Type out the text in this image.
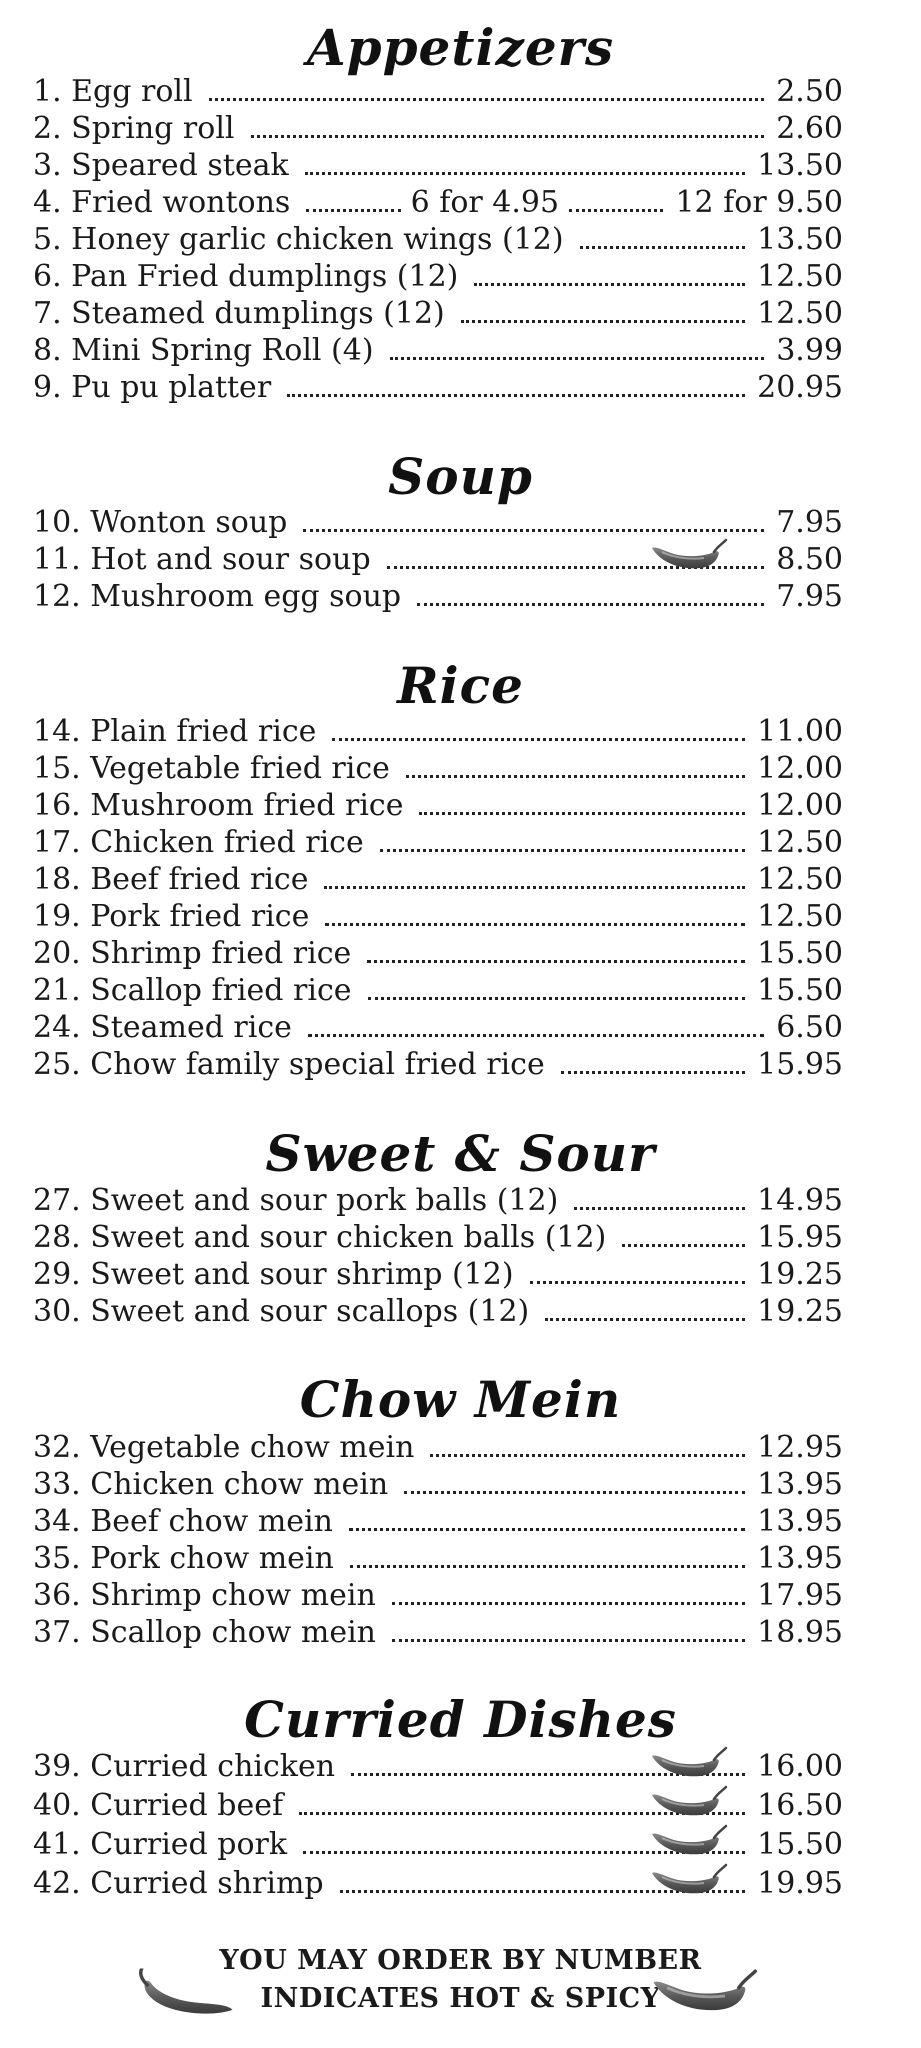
Appetizers
1. Egg roll	2.50
2. Spring roll	2.60
3. Speared steak	13.50
4. Fried wontons	6 for 4.95	12 for 9.50
5. Honey garlic chicken wings (12)	13.50
6. Pan Fried dumplings (12)	12.50
7. Steamed dumplings (12)	12.50
8. Mini Spring Roll (4)	3.99
9. Pu pu platter	20.95
Soup
10. Wonton soup	7.95
11. Hot and sour soup	8.50
12. Mushroom egg soup	7.95
Rice
14. Plain fried rice	11.00
15. Vegetable fried rice	12.00
16. Mushroom fried rice	12.00
17. Chicken fried rice	12.50
18. Beef fried rice	12.50
19. Pork fried rice	12.50
20. Shrimp fried rice	15.50
21. Scallop fried rice	15.50
24. Steamed rice	6.50
25. Chow family special fried rice	15.95
Sweet & Sour
27. Sweet and sour pork balls (12)	14.95
28. Sweet and sour chicken balls (12)	15.95
29. Sweet and sour shrimp (12)	19.25
30. Sweet and sour scallops (12)	19.25
Chow Mein
32. Vegetable chow mein	12.95
33. Chicken chow mein	13.95
34. Beef chow mein	13.95
35. Pork chow mein	13.95
36. Shrimp chow mein	17.95
37. Scallop chow mein	18.95
Curried Dishes
39. Curried chicken	16.00
40. Curried beef	16.50
41. Curried pork	15.50
42. Curried shrimp	19.95
YOU MAY ORDER BY NUMBER
INDICATES HOT & SPICY
